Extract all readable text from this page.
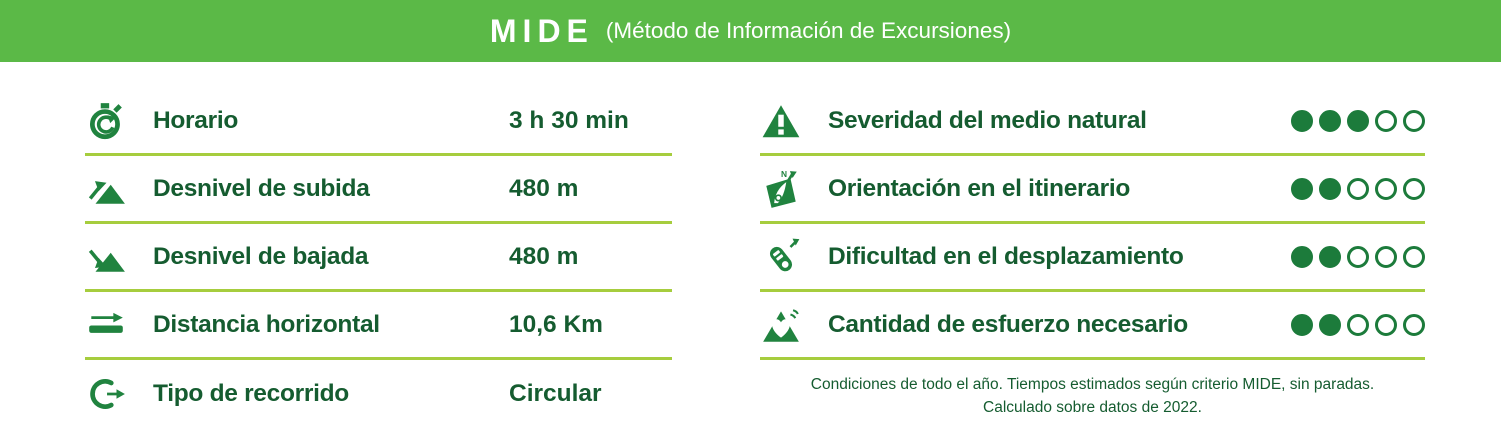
MIDE (Método de Información de Excursiones)
Horario	3 h 30 min
Desnivel de subida	480 m
Desnivel de bajada	480 m
Distancia horizontal	10,6 Km
Tipo de recorrido	Circular
Severidad del medio natural
N
Orientación en el itinerario
Dificultad en el desplazamiento
Cantidad de esfuerzo necesario
Condiciones de todo el año. Tiempos estimados según criterio MIDE, sin paradas.
Calculado sobre datos de 2022.
